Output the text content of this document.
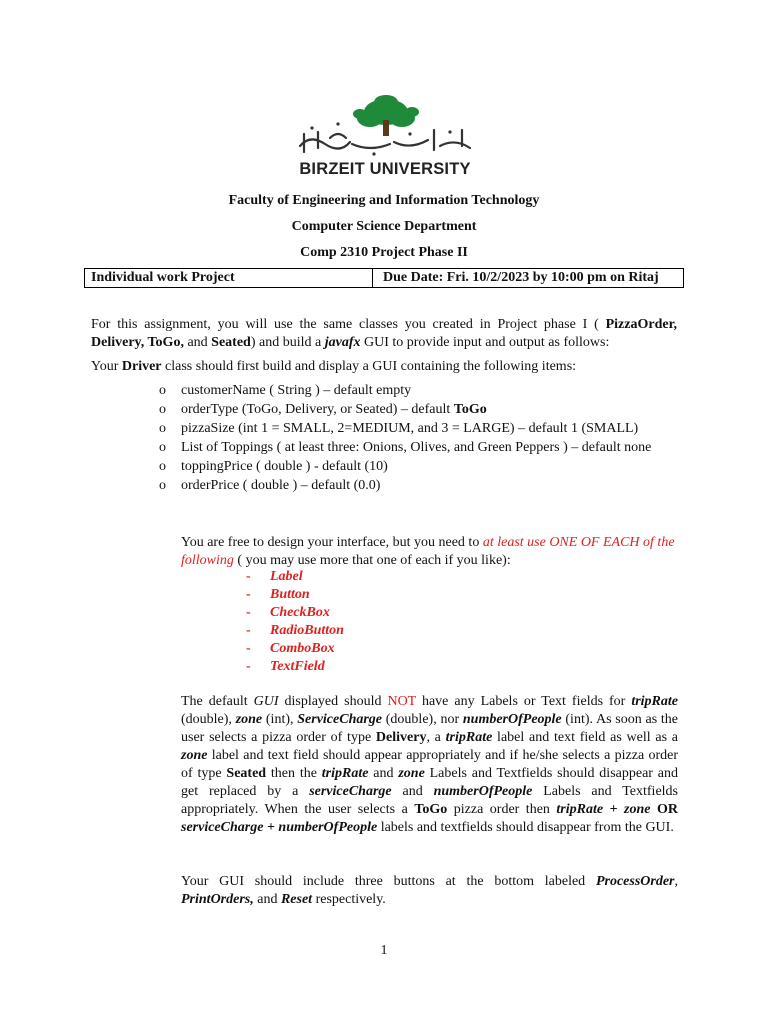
BIRZEIT UNIVERSITY
Faculty of Engineering and Information Technology
Computer Science Department
Comp 2310 Project Phase II
Individual work Project	Due Date: Fri. 10/2/2023 by 10:00 pm on Ritaj
For this assignment, you will use the same classes you created in Project phase I ( PizzaOrder, Delivery, ToGo, and Seated) and build a javafx GUI to provide input and output as follows:
Your Driver class should first build and display a GUI containing the following items:
o customerName ( String ) – default empty
o orderType (ToGo, Delivery, or Seated) – default ToGo
o pizzaSize (int 1 = SMALL, 2=MEDIUM, and 3 = LARGE) – default 1 (SMALL)
o List of Toppings ( at least three: Onions, Olives, and Green Peppers ) – default none
o toppingPrice ( double ) - default (10)
o orderPrice ( double ) – default (0.0)
You are free to design your interface, but you need to at least use ONE OF EACH of the following ( you may use more that one of each if you like):
- Label
- Button
- CheckBox
- RadioButton
- ComboBox
- TextField
The default GUI displayed should NOT have any Labels or Text fields for tripRate (double), zone (int), ServiceCharge (double), nor numberOfPeople (int). As soon as the user selects a pizza order of type Delivery, a tripRate label and text field as well as a zone label and text field should appear appropriately and if he/she selects a pizza order of type Seated then the tripRate and zone Labels and Textfields should disappear and get replaced by a serviceCharge and numberOfPeople Labels and Textfields appropriately. When the user selects a ToGo pizza order then tripRate + zone OR serviceCharge + numberOfPeople labels and textfields should disappear from the GUI.
Your GUI should include three buttons at the bottom labeled ProcessOrder, PrintOrders, and Reset respectively.
1
